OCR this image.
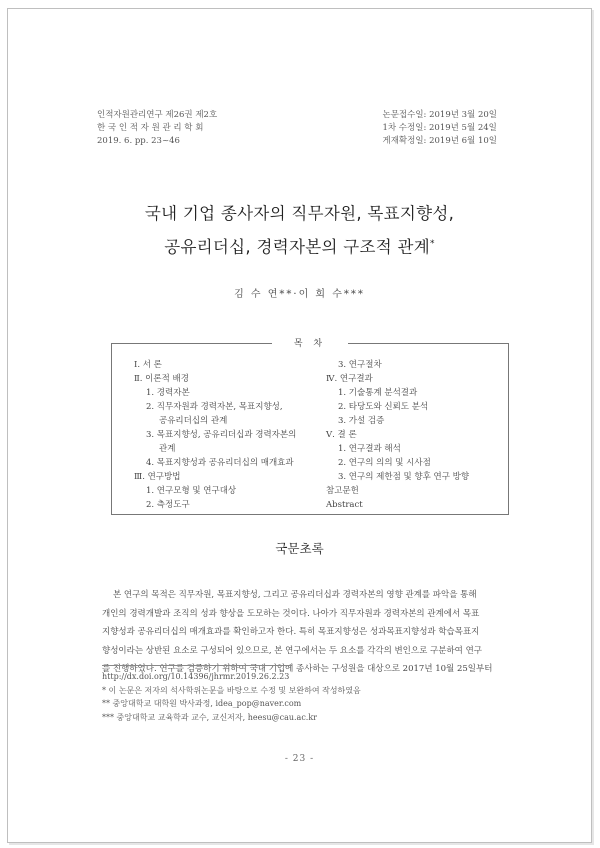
인적자원관리연구 제26권 제2호
한 국 인 적 자 원 관 리 학 회
2019. 6. pp. 23~46
논문접수일: 2019년 3월 20일
1차 수정일: 2019년 5월 24일
게재확정일: 2019년 6월 10일
국내 기업 종사자의 직무자원, 목표지향성,
공유리더십, 경력자본의 구조적 관계*
김 수 연**·이 희 수***
목 차
Ⅰ. 서 론
Ⅱ. 이론적 배경
1. 경력자본
2. 직무자원과 경력자본, 목표지향성,
공유리더십의 관계
3. 목표지향성, 공유리더십과 경력자본의
관계
4. 목표지향성과 공유리더십의 매개효과
Ⅲ. 연구방법
1. 연구모형 및 연구대상
2. 측정도구
3. 연구절차
Ⅳ. 연구결과
1. 기술통계 분석결과
2. 타당도와 신뢰도 분석
3. 가설 검증
Ⅴ. 결 론
1. 연구결과 해석
2. 연구의 의의 및 시사점
3. 연구의 제한점 및 향후 연구 방향
참고문헌
Abstract
국문초록
본 연구의 목적은 직무자원, 목표지향성, 그리고 공유리더십과 경력자본의 영향 관계를 파악을 통해
개인의 경력개발과 조직의 성과 향상을 도모하는 것이다. 나아가 직무자원과 경력자본의 관계에서 목표
지향성과 공유리더십의 매개효과를 확인하고자 한다. 특히 목표지향성은 성과목표지향성과 학습목표지
향성이라는 상반된 요소로 구성되어 있으므로, 본 연구에서는 두 요소를 각각의 변인으로 구분하여 연구
를 진행하였다. 연구를 검증하기 위하여 국내 기업에 종사하는 구성원을 대상으로 2017년 10월 25일부터
http://dx.doi.org/10.14396/jhrmr.2019.26.2.23
* 이 논문은 저자의 석사학위논문을 바탕으로 수정 및 보완하여 작성하였음
** 중앙대학교 대학원 박사과정, idea_pop@naver.com
*** 중앙대학교 교육학과 교수, 교신저자, heesu@cau.ac.kr
- 23 -
